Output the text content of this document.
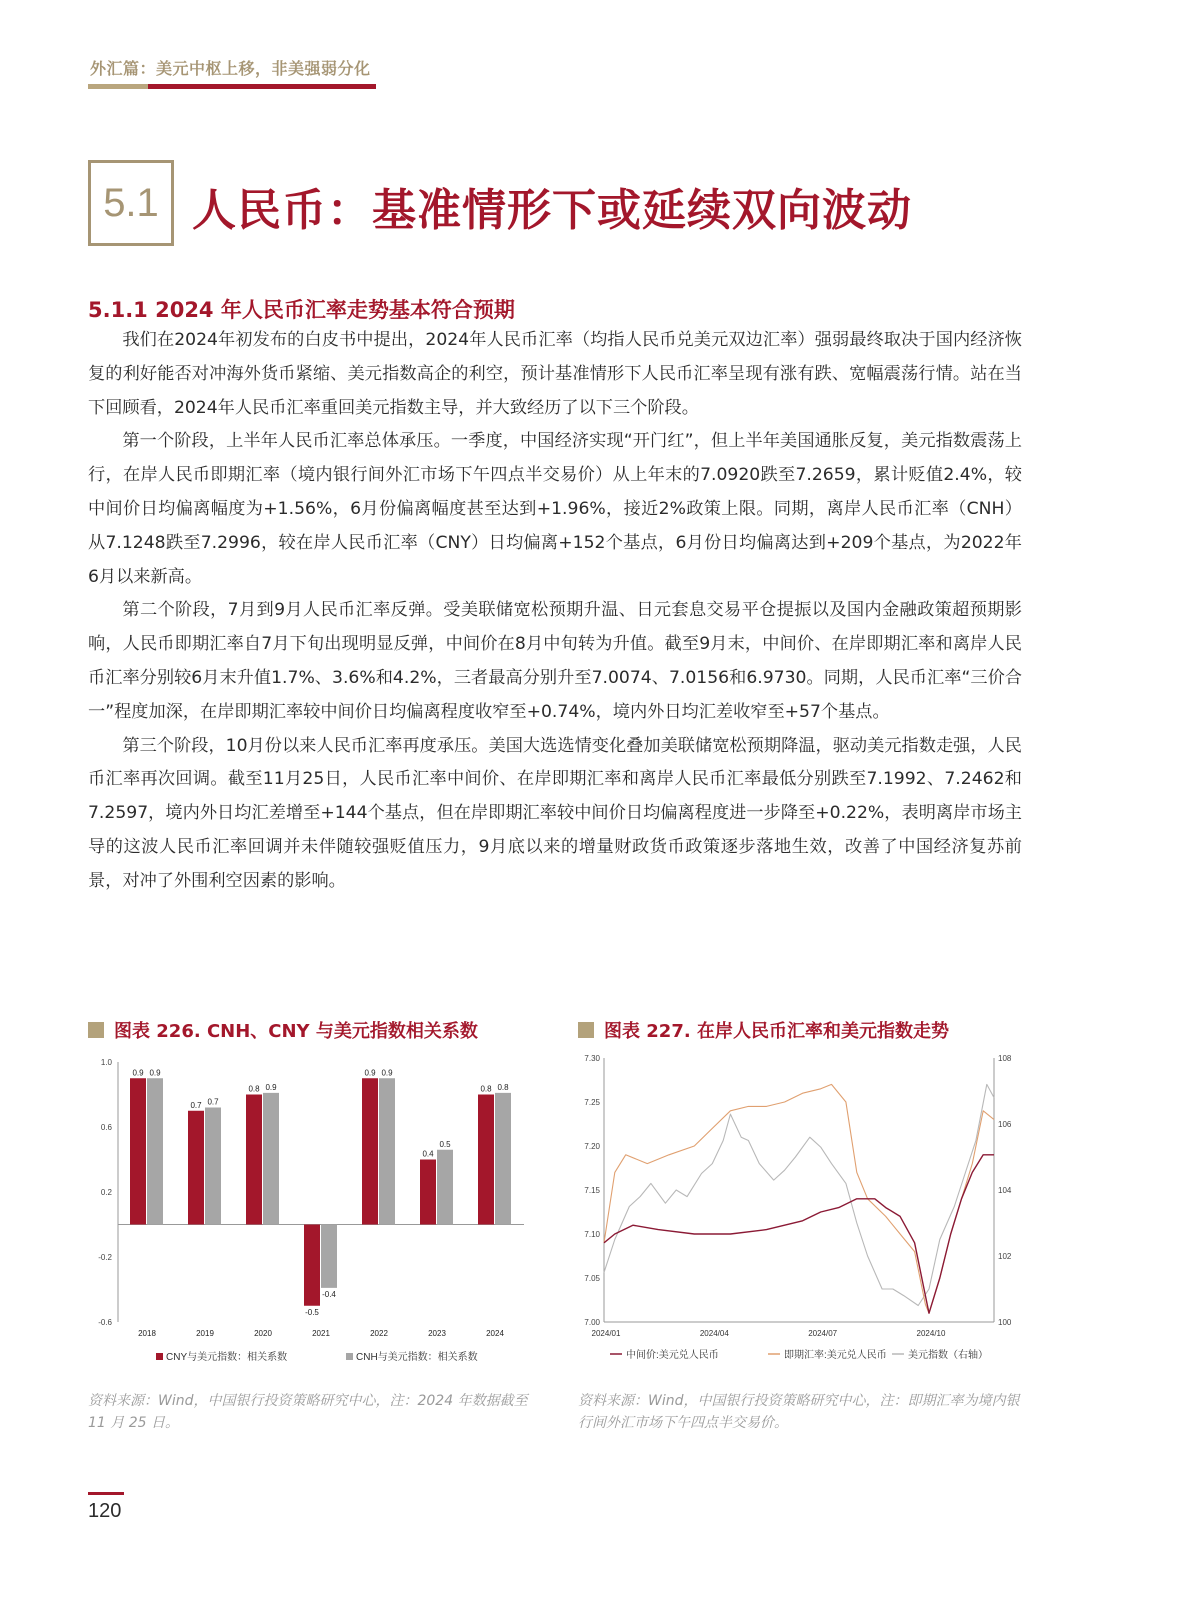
外汇篇：美元中枢上移，非美强弱分化
5.1 人民币：基准情形下或延续双向波动
5.1.1 2024 年人民币汇率走势基本符合预期

我们在2024年初发布的白皮书中提出，2024年人民币汇率（均指人民币兑美元双边汇率）强弱最终取决于国内经济恢复的利好能否对冲海外货币紧缩、美元指数高企的利空，预计基准情形下人民币汇率呈现有涨有跌、宽幅震荡行情。站在当下回顾看，2024年人民币汇率重回美元指数主导，并大致经历了以下三个阶段。

第一个阶段，上半年人民币汇率总体承压。一季度，中国经济实现“开门红”，但上半年美国通胀反复，美元指数震荡上行，在岸人民币即期汇率（境内银行间外汇市场下午四点半交易价）从上年末的7.0920跌至7.2659，累计贬值2.4%，较中间价日均偏离幅度为+1.56%，6月份偏离幅度甚至达到+1.96%，接近2%政策上限。同期，离岸人民币汇率（CNH）从7.1248跌至7.2996，较在岸人民币汇率（CNY）日均偏离+152个基点，6月份日均偏离达到+209个基点，为2022年6月以来新高。

第二个阶段，7月到9月人民币汇率反弹。受美联储宽松预期升温、日元套息交易平仓提振以及国内金融政策超预期影响，人民币即期汇率自7月下旬出现明显反弹，中间价在8月中旬转为升值。截至9月末，中间价、在岸即期汇率和离岸人民币汇率分别较6月末升值1.7%、3.6%和4.2%，三者最高分别升至7.0074、7.0156和6.9730。同期，人民币汇率“三价合一”程度加深，在岸即期汇率较中间价日均偏离程度收窄至+0.74%，境内外日均汇差收窄至+57个基点。

第三个阶段，10月份以来人民币汇率再度承压。美国大选选情变化叠加美联储宽松预期降温，驱动美元指数走强，人民币汇率再次回调。截至11月25日，人民币汇率中间价、在岸即期汇率和离岸人民币汇率最低分别跌至7.1992、7.2462和7.2597，境内外日均汇差增至+144个基点，但在岸即期汇率较中间价日均偏离程度进一步降至+0.22%，表明离岸市场主导的这波人民币汇率回调并未伴随较强贬值压力，9月底以来的增量财政货币政策逐步落地生效，改善了中国经济复苏前景，对冲了外围利空因素的影响。

图表 226. CNH、CNY 与美元指数相关系数	图表 227. 在岸人民币汇率和美元指数走势
1.0
0.6
0.2
-0.2
-0.6
0.9 0.9
2018
0.7 0.7
2019
0.8 0.9
2020
-0.5
-0.4
2021
0.9 0.9
2022
0.4
0.5
2023
0.8 0.8
2024
CNY与美元指数：相关系数	CNH与美元指数：相关系数
7.30
7.25
7.20
7.15
7.10
7.05
7.00
108
106
104
102
100
2024/01	2024/04	2024/07	2024/10
中间价:美元兑人民币	即期汇率:美元兑人民币 美元指数（右轴）
资料来源：Wind，中国银行投资策略研究中心，注：2024 年数据截至 11 月 25 日。
资料来源：Wind，中国银行投资策略研究中心，注：即期汇率为境内银行间外汇市场下午四点半交易价。
120
